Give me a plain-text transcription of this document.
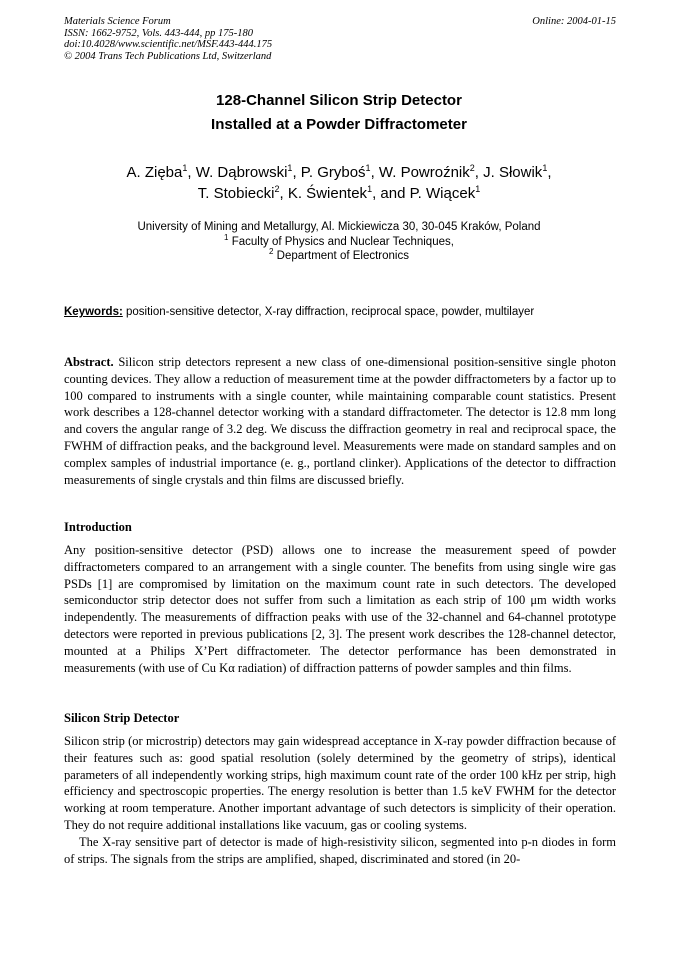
Materials Science Forum
ISSN: 1662-9752, Vols. 443-444, pp 175-180
doi:10.4028/www.scientific.net/MSF.443-444.175
© 2004 Trans Tech Publications Ltd, Switzerland
Online: 2004-01-15
128-Channel Silicon Strip Detector
Installed at a Powder Diffractometer
A. Zięba$^1$, W. Dąbrowski$^1$, P. Gryboś$^1$, W. Powroźnik$^2$, J. Słowik$^1$,
T. Stobiecki$^2$, K. Świentek$^1$, and P. Wiącek$^1$
University of Mining and Metallurgy, Al. Mickiewicza 30, 30-045 Kraków, Poland
$^1$ Faculty of Physics and Nuclear Techniques,
$^2$ Department of Electronics
Keywords: position-sensitive detector, X-ray diffraction, reciprocal space, powder, multilayer
Abstract. Silicon strip detectors represent a new class of one-dimensional position-sensitive single photon counting devices. They allow a reduction of measurement time at the powder diffractometers by a factor up to 100 compared to instruments with a single counter, while maintaining comparable count statistics. Present work describes a 128-channel detector working with a standard diffractometer. The detector is 12.8 mm long and covers the angular range of 3.2 deg. We discuss the diffraction geometry in real and reciprocal space, the FWHM of diffraction peaks, and the background level. Measurements were made on standard samples and on complex samples of industrial importance (e. g., portland clinker). Applications of the detector to diffraction measurements of single crystals and thin films are discussed briefly.
Introduction

Any position-sensitive detector (PSD) allows one to increase the measurement speed of powder diffractometers compared to an arrangement with a single counter. The benefits from using single wire gas PSDs [1] are compromised by limitation on the maximum count rate in such detectors. The developed semiconductor strip detector does not suffer from such a limitation as each strip of 100 μm width works independently. The measurements of diffraction peaks with use of the 32-channel and 64-channel prototype detectors were reported in previous publications [2, 3]. The present work describes the 128-channel detector, mounted at a Philips X’Pert diffractometer. The detector performance has been demonstrated in measurements (with use of Cu Kα radiation) of diffraction patterns of powder samples and thin films.

Silicon Strip Detector

Silicon strip (or microstrip) detectors may gain widespread acceptance in X-ray powder diffraction because of their features such as: good spatial resolution (solely determined by the geometry of strips), identical parameters of all independently working strips, high maximum count rate of the order 100 kHz per strip, high efficiency and spectroscopic properties. The energy resolution is better than 1.5 keV FWHM for the detector working at room temperature. Another important advantage of such detectors is simplicity of their operation. They do not require additional installations like vacuum, gas or cooling systems.

The X-ray sensitive part of detector is made of high-resistivity silicon, segmented into p-n diodes in form of strips. The signals from the strips are amplified, shaped, discriminated and stored (in 20-
